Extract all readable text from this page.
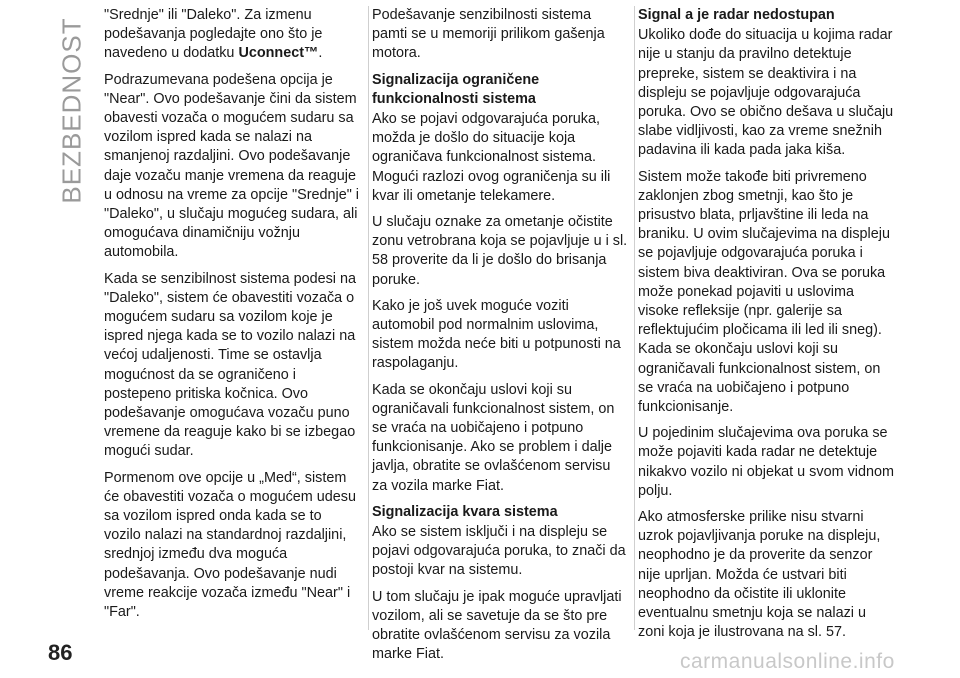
BEZBEDNOST

"Srednje" ili "Daleko". Za izmenu podešavanja pogledajte ono što je navedeno u dodatku Uconnect™.

Podrazumevana podešena opcija je "Near". Ovo podešavanje čini da sistem obavesti vozača o mogućem sudaru sa vozilom ispred kada se nalazi na smanjenoj razdaljini. Ovo podešavanje daje vozaču manje vremena da reaguje u odnosu na vreme za opcije "Srednje" i "Daleko", u slučaju mogućeg sudara, ali omogućava dinamičniju vožnju automobila.

Kada se senzibilnost sistema podesi na "Daleko", sistem će obavestiti vozača o mogućem sudaru sa vozilom koje je ispred njega kada se to vozilo nalazi na većoj udaljenosti. Time se ostavlja mogućnost da se ograničeno i postepeno pritiska kočnica. Ovo podešavanje omogućava vozaču puno vremene da reaguje kako bi se izbegao mogući sudar.

Pormenom ove opcije u „Med“, sistem će obavestiti vozača o mogućem udesu sa vozilom ispred onda kada se to vozilo nalazi na standardnoj razdaljini, srednjoj između dva moguća podešavanja. Ovo podešavanje nudi vreme reakcije vozača između "Near" i "Far".

Podešavanje senzibilnosti sistema pamti se u memoriji prilikom gašenja motora.

Signalizacija ograničene funkcionalnosti sistema

Ako se pojavi odgovarajuća poruka, možda je došlo do situacije koja ograničava funkcionalnost sistema. Mogući razlozi ovog ograničenja su ili kvar ili ometanje telekamere.

U slučaju oznake za ometanje očistite zonu vetrobrana koja se pojavljuje u i sl. 58 proverite da li je došlo do brisanja poruke.

Kako je još uvek moguće voziti automobil pod normalnim uslovima, sistem možda neće biti u potpunosti na raspolaganju.

Kada se okončaju uslovi koji su ograničavali funkcionalnost sistem, on se vraća na uobičajeno i potpuno funkcionisanje. Ako se problem i dalje javlja, obratite se ovlašćenom servisu za vozila marke Fiat.

Signalizacija kvara sistema

Ako se sistem isključi i na displeju se pojavi odgovarajuća poruka, to znači da postoji kvar na sistemu.

U tom slučaju je ipak moguće upravljati vozilom, ali se savetuje da se što pre obratite ovlašćenom servisu za vozila marke Fiat.

Signal a je radar nedostupan

Ukoliko dođe do situacija u kojima radar nije u stanju da pravilno detektuje prepreke, sistem se deaktivira i na displeju se pojavljuje odgovarajuća poruka. Ovo se obično dešava u slučaju slabe vidljivosti, kao za vreme snežnih padavina ili kada pada jaka kiša.

Sistem može takođe biti privremeno zaklonjen zbog smetnji, kao što je prisustvo blata, prljavštine ili leda na braniku. U ovim slučajevima na displeju se pojavljuje odgovarajuća poruka i sistem biva deaktiviran. Ova se poruka može ponekad pojaviti u uslovima visoke refleksije (npr. galerije sa reflektujućim pločicama ili led ili sneg). Kada se okončaju uslovi koji su ograničavali funkcionalnost sistem, on se vraća na uobičajeno i potpuno funkcionisanje.

U pojedinim slučajevima ova poruka se može pojaviti kada radar ne detektuje nikakvo vozilo ni objekat u svom vidnom polju.

Ako atmosferske prilike nisu stvarni uzrok pojavljivanja poruke na displeju, neophodno je da proverite da senzor nije uprljan. Možda će ustvari biti neophodno da očistite ili uklonite eventualnu smetnju koja se nalazi u zoni koja je ilustrovana na sl. 57.

86	carmanualsonline.info
